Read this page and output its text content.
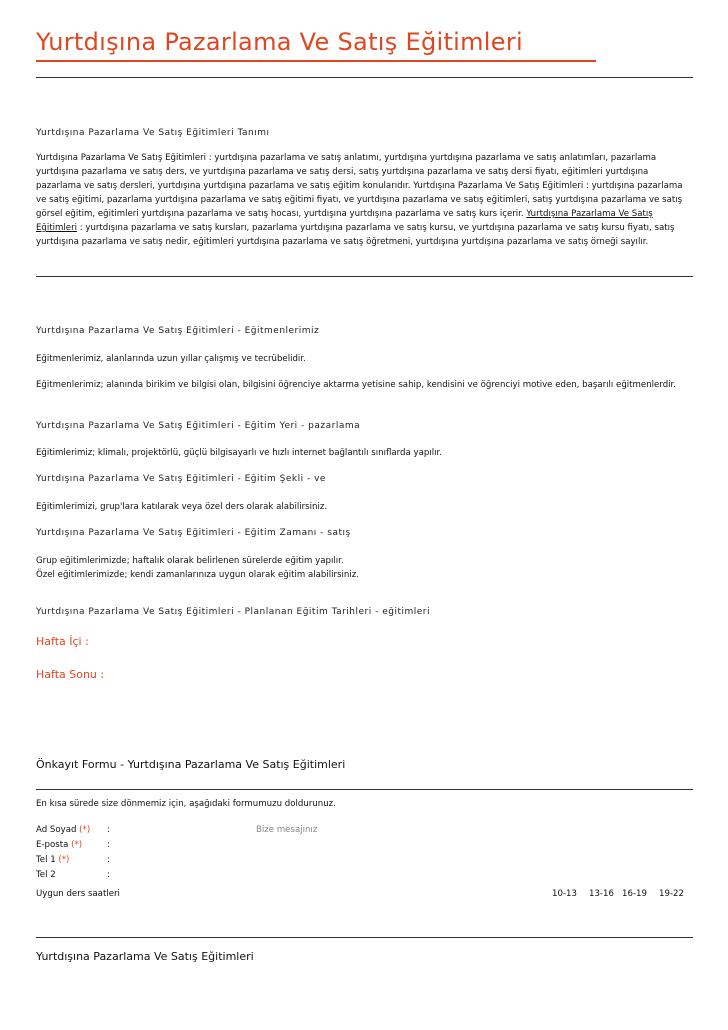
Yurtdışına Pazarlama Ve Satış Eğitimleri
Yurtdışına Pazarlama Ve Satış Eğitimleri Tanımı
Yurtdışına Pazarlama Ve Satış Eğitimleri : yurtdışına pazarlama ve satış anlatımı, yurtdışına yurtdışına pazarlama ve satış anlatımları, pazarlama yurtdışına pazarlama ve satış ders, ve yurtdışına pazarlama ve satış dersi, satış yurtdışına pazarlama ve satış dersi fiyatı, eğitimleri yurtdışına pazarlama ve satış dersleri, yurtdışına yurtdışına pazarlama ve satış eğitim konularıdır. Yurtdışına Pazarlama Ve Satış Eğitimleri : yurtdışına pazarlama ve satış eğitimi, pazarlama yurtdışına pazarlama ve satış eğitimi fiyatı, ve yurtdışına pazarlama ve satış eğitimleri, satış yurtdışına pazarlama ve satış görsel eğitim, eğitimleri yurtdışına pazarlama ve satış hocası, yurtdışına yurtdışına pazarlama ve satış kurs içerir. Yurtdışına Pazarlama Ve Satış Eğitimleri : yurtdışına pazarlama ve satış kursları, pazarlama yurtdışına pazarlama ve satış kursu, ve yurtdışına pazarlama ve satış kursu fiyatı, satış yurtdışına pazarlama ve satış nedir, eğitimleri yurtdışına pazarlama ve satış öğretmeni, yurtdışına yurtdışına pazarlama ve satış örneği sayılır.
Yurtdışına Pazarlama Ve Satış Eğitimleri - Eğitmenlerimiz
Eğitmenlerimiz, alanlarında uzun yıllar çalışmış ve tecrübelidir.
Eğitmenlerimiz; alanında birikim ve bilgisi olan, bilgisini öğrenciye aktarma yetisine sahip, kendisini ve öğrenciyi motive eden, başarılı eğitmenlerdir.
Yurtdışına Pazarlama Ve Satış Eğitimleri - Eğitim Yeri - pazarlama
Eğitimlerimiz; klimalı, projektörlü, güçlü bilgisayarlı ve hızlı internet bağlantılı sınıflarda yapılır.
Yurtdışına Pazarlama Ve Satış Eğitimleri - Eğitim Şekli - ve
Eğitimlerimizi, grup'lara katılarak veya özel ders olarak alabilirsiniz.
Yurtdışına Pazarlama Ve Satış Eğitimleri - Eğitim Zamanı - satış
Grup eğitimlerimizde; haftalık olarak belirlenen sürelerde eğitim yapılır.
Özel eğitimlerimizde; kendi zamanlarınıza uygun olarak eğitim alabilirsiniz.
Yurtdışına Pazarlama Ve Satış Eğitimleri - Planlanan Eğitim Tarihleri - eğitimleri
Hafta İçi :
Hafta Sonu :
Önkayıt Formu - Yurtdışına Pazarlama Ve Satış Eğitimleri
En kısa sürede size dönmemiz için, aşağıdaki formumuzu doldurunuz.
Ad Soyad (*) :	Bize mesajınız
E-posta (*)	:
Tel 1 (*)	:
Tel 2	:
Uygun ders saatleri	10-13 13-16 16-19 19-22
Yurtdışına Pazarlama Ve Satış Eğitimleri
